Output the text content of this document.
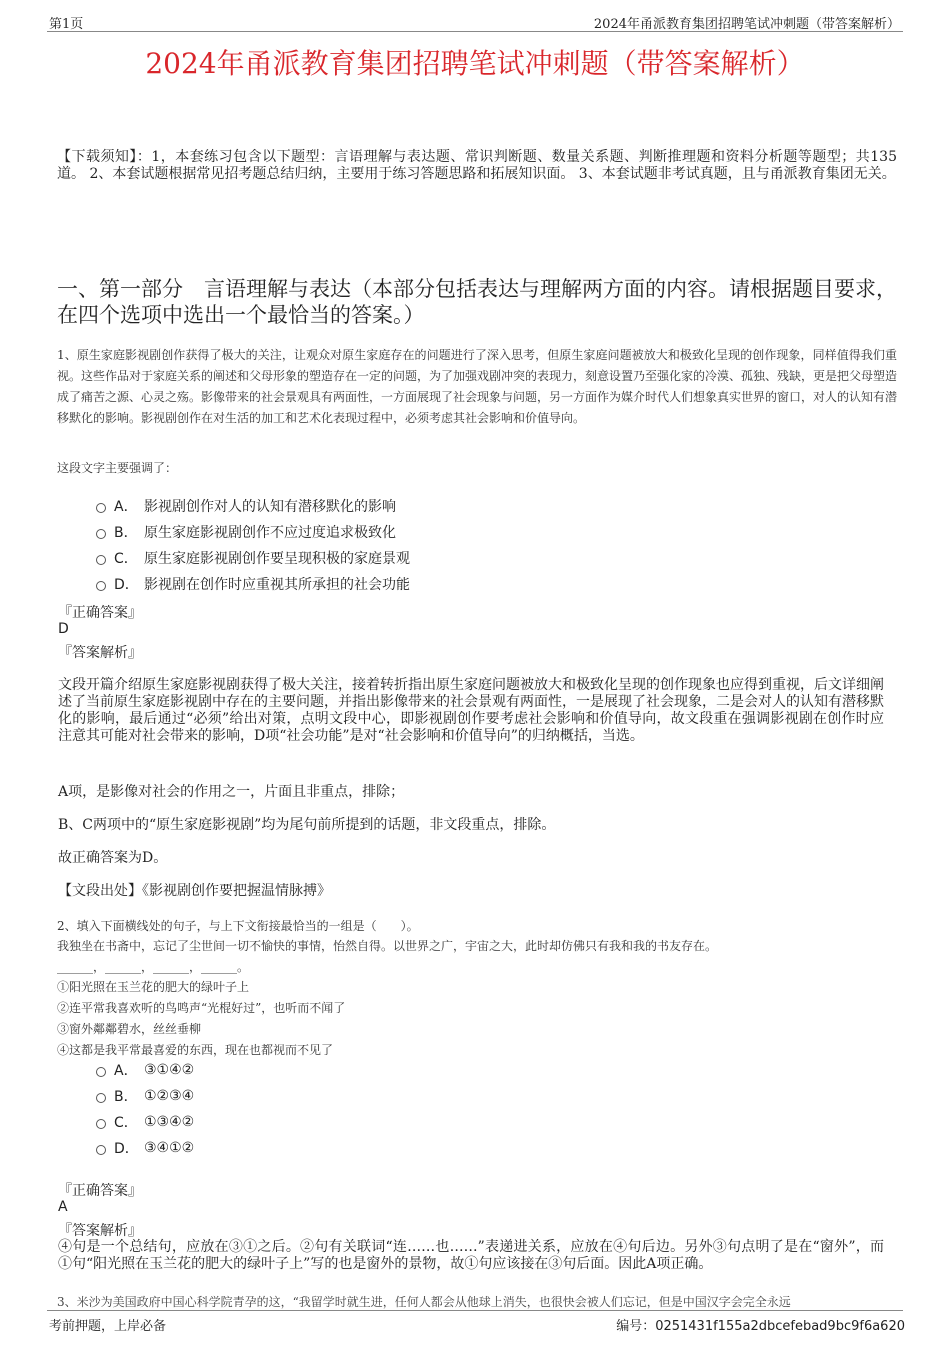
第1页	2024年甬派教育集团招聘笔试冲刺题（带答案解析）
2024年甬派教育集团招聘笔试冲刺题（带答案解析）
【下载须知】：1，本套练习包含以下题型：言语理解与表达题、常识判断题、数量关系题、判断推理题和资料分析题等题型；共135道。 2、本套试题根据常见招考题总结归纳，主要用于练习答题思路和拓展知识面。 3、本套试题非考试真题，且与甬派教育集团无关。
一、第一部分　言语理解与表达（本部分包括表达与理解两方面的内容。请根据题目要求，在四个选项中选出一个最恰当的答案。）
1、原生家庭影视剧创作获得了极大的关注，让观众对原生家庭存在的问题进行了深入思考，但原生家庭问题被放大和极致化呈现的创作现象，同样值得我们重视。这些作品对于家庭关系的阐述和父母形象的塑造存在一定的问题，为了加强戏剧冲突的表现力，刻意设置乃至强化家的冷漠、孤独、残缺，更是把父母塑造成了痛苦之源、心灵之殇。影像带来的社会景观具有两面性，一方面展现了社会现象与问题，另一方面作为媒介时代人们想象真实世界的窗口，对人的认知有潜移默化的影响。影视剧创作在对生活的加工和艺术化表现过程中，必须考虑其社会影响和价值导向。
这段文字主要强调了：
A． 影视剧创作对人的认知有潜移默化的影响
B． 原生家庭影视剧创作不应过度追求极致化
C． 原生家庭影视剧创作要呈现积极的家庭景观
D． 影视剧在创作时应重视其所承担的社会功能
『正确答案』
D
『答案解析』
文段开篇介绍原生家庭影视剧获得了极大关注，接着转折指出原生家庭问题被放大和极致化呈现的创作现象也应得到重视，后文详细阐述了当前原生家庭影视剧中存在的主要问题，并指出影像带来的社会景观有两面性，一是展现了社会现象，二是会对人的认知有潜移默化的影响，最后通过“必须”给出对策，点明文段中心，即影视剧创作要考虑社会影响和价值导向，故文段重在强调影视剧在创作时应注意其可能对社会带来的影响，D项“社会功能”是对“社会影响和价值导向”的归纳概括，当选。
A项，是影像对社会的作用之一，片面且非重点，排除；
B、C两项中的“原生家庭影视剧”均为尾句前所提到的话题，非文段重点，排除。
故正确答案为D。
【文段出处】《影视剧创作要把握温情脉搏》
2、填入下面横线处的句子，与上下文衔接最恰当的一组是（　　）。
我独坐在书斋中，忘记了尘世间一切不愉快的事情，怡然自得。以世界之广，宇宙之大，此时却仿佛只有我和我的书友存在。
______，______，______，______。
①阳光照在玉兰花的肥大的绿叶子上
②连平常我喜欢听的鸟鸣声“光棍好过”，也听而不闻了
③窗外鄰鄰碧水，丝丝垂柳
④这都是我平常最喜爱的东西，现在也都视而不见了
A． ③①④②
B． ①②③④
C． ①③④②
D． ③④①②
『正确答案』
A
『答案解析』
④句是一个总结句，应放在③①之后。②句有关联词“连……也……”表递进关系，应放在④句后边。另外③句点明了是在“窗外”，而①句“阳光照在玉兰花的肥大的绿叶子上”写的也是窗外的景物，故①句应该接在③句后面。因此A项正确。
3、米沙为美国政府中国心科学院青孕的这，“我留学时就生进，任何人都会从他球上消失，也很快会被人们忘记，但是中国汉字会完全永远
考前押题，上岸必备	编号：0251431f155a2dbcefebad9bc9f6a620
